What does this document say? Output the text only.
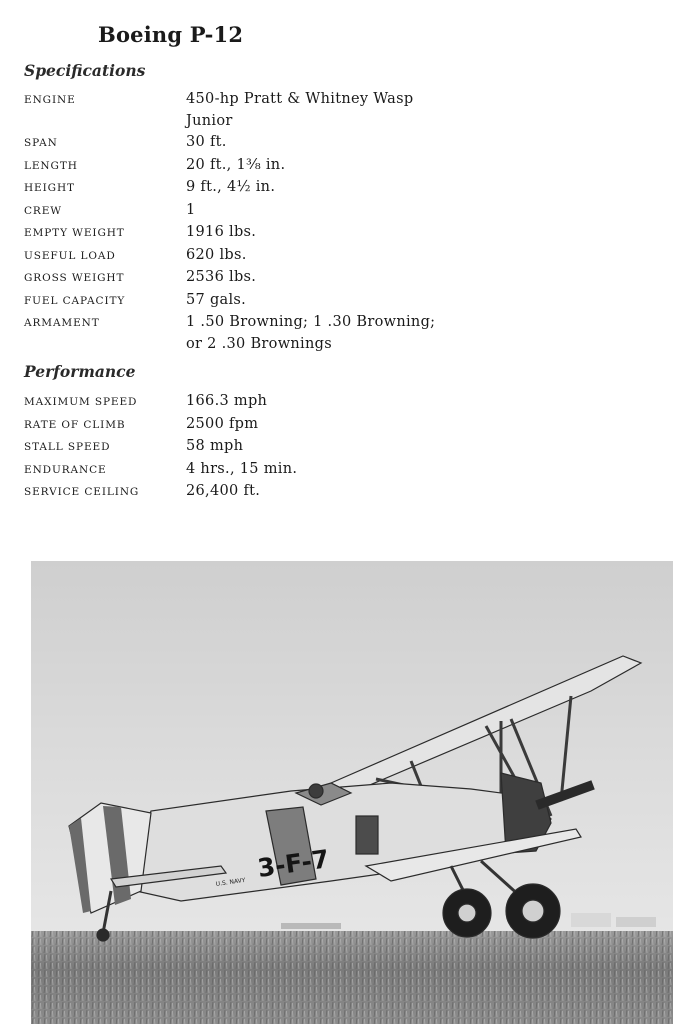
Boeing P-12
Specifications
ENGINE	450-hp Pratt & Whitney Wasp
Junior
SPAN	30 ft.
LENGTH	20 ft., 1³⁄₈ in.
HEIGHT	9 ft., 4½ in.
CREW	1
EMPTY WEIGHT	1916 lbs.
USEFUL LOAD	620 lbs.
GROSS WEIGHT	2536 lbs.
FUEL CAPACITY	57 gals.
ARMAMENT	1 .50 Browning; 1 .30 Browning;
or 2 .30 Brownings
Performance
MAXIMUM SPEED	166.3 mph
RATE OF CLIMB	2500 fpm
STALL SPEED	58 mph
ENDURANCE	4 hrs., 15 min.
SERVICE CEILING	26,400 ft.
3-F-7
U.S. NAVY
